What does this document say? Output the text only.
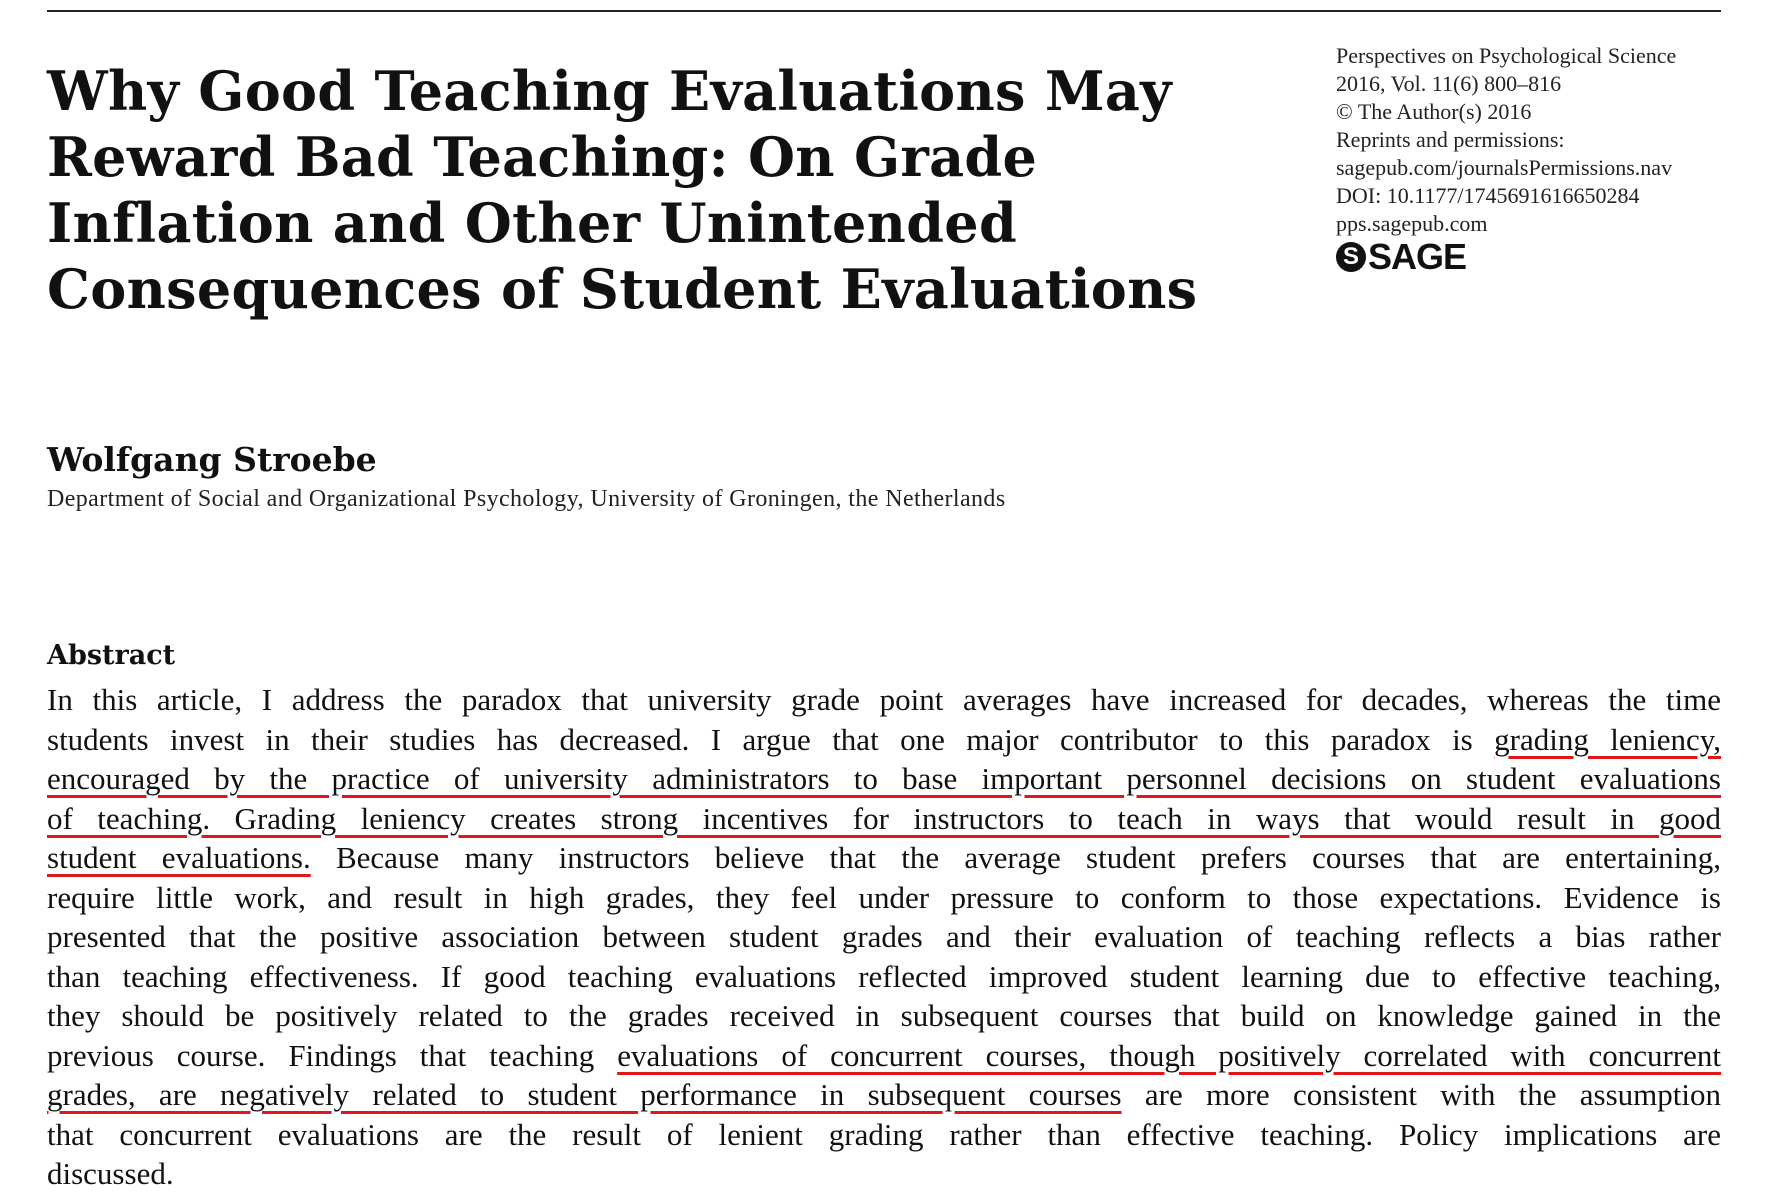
Why Good Teaching Evaluations May
Reward Bad Teaching: On Grade
Inflation and Other Unintended
Consequences of Student Evaluations
Perspectives on Psychological Science
2016, Vol. 11(6) 800–816
© The Author(s) 2016
Reprints and permissions:
sagepub.com/journalsPermissions.nav
DOI: 10.1177/1745691616650284
pps.sagepub.com
S SAGE
Wolfgang Stroebe
Department of Social and Organizational Psychology, University of Groningen, the Netherlands
Abstract
In this article, I address the paradox that university grade point averages have increased for decades, whereas the time
students invest in their studies has decreased. I argue that one major contributor to this paradox is grading leniency,
encouraged by the practice of university administrators to base important personnel decisions on student evaluations
of teaching. Grading leniency creates strong incentives for instructors to teach in ways that would result in good
student evaluations. Because many instructors believe that the average student prefers courses that are entertaining,
require little work, and result in high grades, they feel under pressure to conform to those expectations. Evidence is
presented that the positive association between student grades and their evaluation of teaching reflects a bias rather
than teaching effectiveness. If good teaching evaluations reflected improved student learning due to effective teaching,
they should be positively related to the grades received in subsequent courses that build on knowledge gained in the
previous course. Findings that teaching evaluations of concurrent courses, though positively correlated with concurrent
grades, are negatively related to student performance in subsequent courses are more consistent with the assumption
that concurrent evaluations are the result of lenient grading rather than effective teaching. Policy implications are
discussed.
